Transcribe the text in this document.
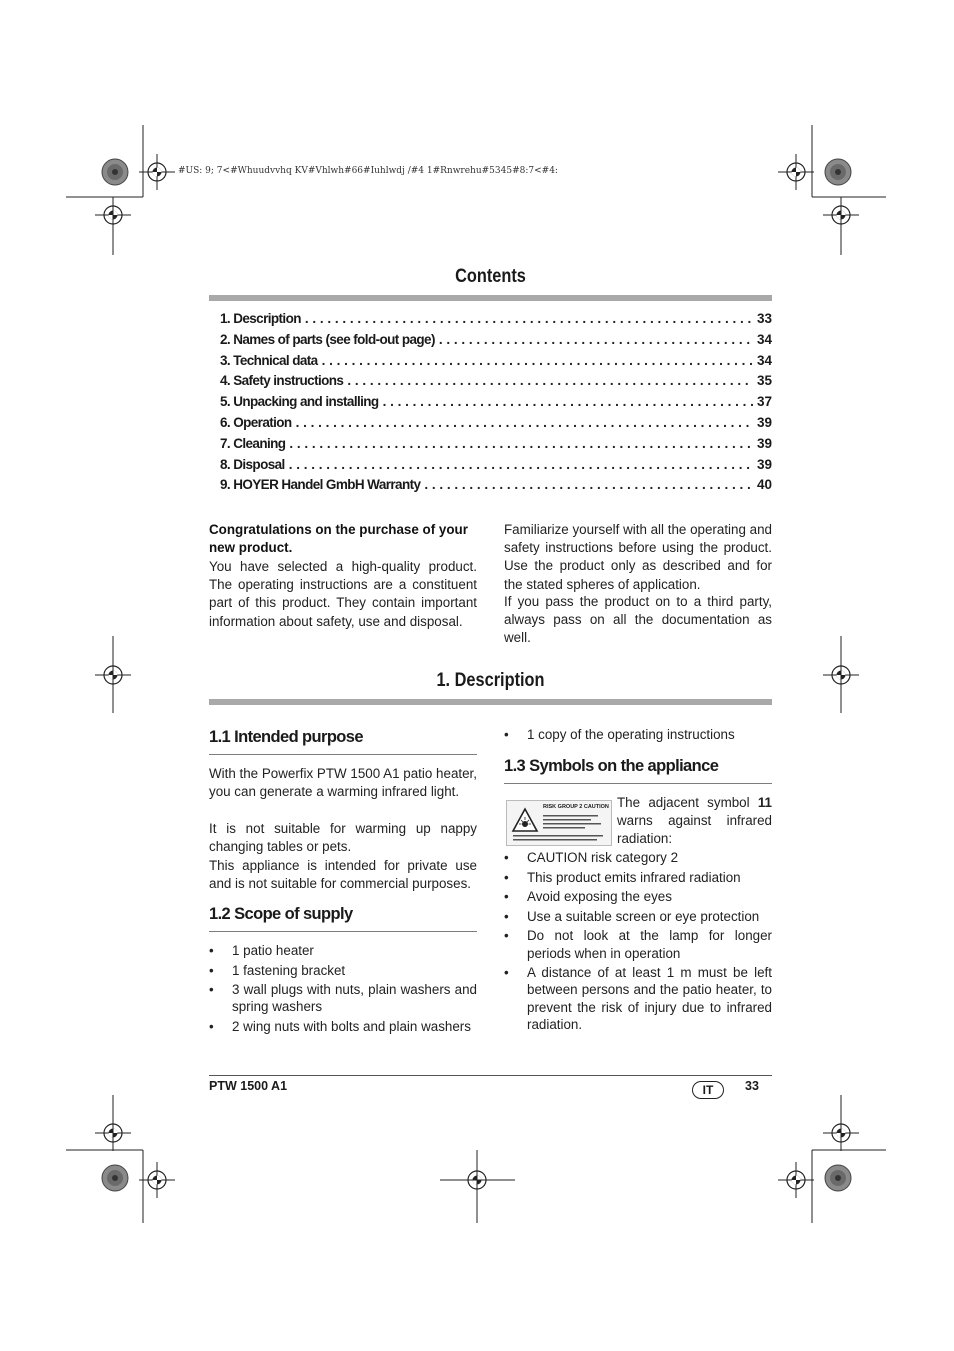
#US: 9; 7<#Whuudvvhq KV#Vhlwh#66#Iuhlwdj /#4 1#Rnwrehu#5345#8:7<#4:
Contents
1. Description . . .	33
2. Names of parts (see fold-out page) . . .	34
3. Technical data . . .	34
4. Safety instructions . . .	35
5. Unpacking and installing . . .	37
6. Operation . . .	39
7. Cleaning . . .	39
8. Disposal . . .	39
9. HOYER Handel GmbH Warranty . . .	40
Congratulations on the purchase of your new product.
You have selected a high-quality product. The operating instructions are a constituent part of this product. They contain important information about safety, use and disposal.
Familiarize yourself with all the operating and safety instructions before using the product. Use the product only as described and for the stated spheres of application.
If you pass the product on to a third party, always pass on all the documentation as well.
1. Description
1.1 Intended purpose
With the Powerfix PTW 1500 A1 patio heater, you can generate a warming infrared light.
It is not suitable for warming up nappy changing tables or pets.
This appliance is intended for private use and is not suitable for commercial purposes.
1.2 Scope of supply
• 1 patio heater
• 1 fastening bracket
• 3 wall plugs with nuts, plain washers and spring washers
• 2 wing nuts with bolts and plain washers
• 1 copy of the operating instructions
1.3 Symbols on the appliance
RISK GROUP 2 CAUTION The adjacent symbol 11 warns against infrared radiation:
• CAUTION risk category 2
• This product emits infrared radiation
• Avoid exposing the eyes
• Use a suitable screen or eye protection
• Do not look at the lamp for longer periods when in operation
• A distance of at least 1 m must be left between persons and the patio heater, to prevent the risk of injury due to infrared radiation.
PTW 1500 A1	IT	33
